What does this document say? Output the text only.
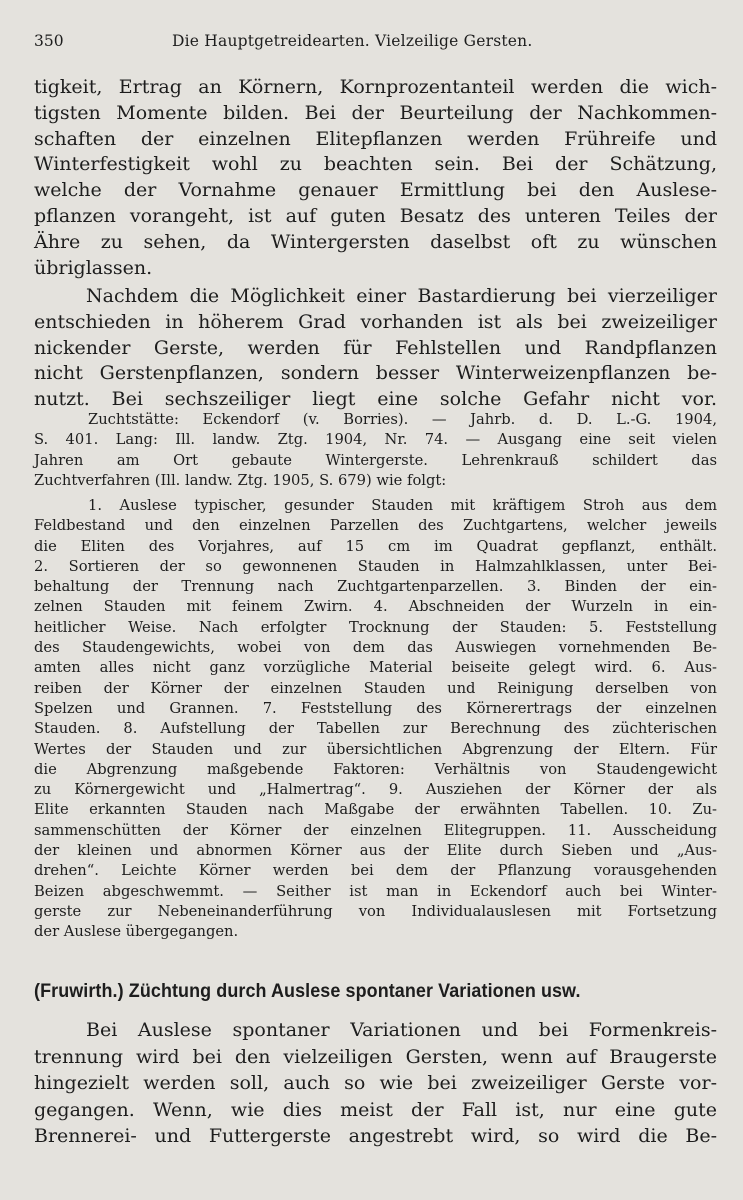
350	Die Hauptgetreidearten. Vielzeilige Gersten.
tigkeit, Ertrag an Körnern, Kornprozentanteil werden die wich-
tigsten Momente bilden. Bei der Beurteilung der Nachkommen-
schaften der einzelnen Elitepflanzen werden Frühreife und
Winterfestigkeit wohl zu beachten sein. Bei der Schätzung,
welche der Vornahme genauer Ermittlung bei den Auslese-
pflanzen vorangeht, ist auf guten Besatz des unteren Teiles der
Ähre zu sehen, da Wintergersten daselbst oft zu wünschen
übriglassen.
Nachdem die Möglichkeit einer Bastardierung bei vierzeiliger
entschieden in höherem Grad vorhanden ist als bei zweizeiliger
nickender Gerste, werden für Fehlstellen und Randpflanzen
nicht Gerstenpflanzen, sondern besser Winterweizenpflanzen be-
nutzt. Bei sechszeiliger liegt eine solche Gefahr nicht vor.
Zuchtstätte: Eckendorf (v. Borries). — Jahrb. d. D. L.-G. 1904,
S. 401. Lang: Ill. landw. Ztg. 1904, Nr. 74. — Ausgang eine seit vielen
Jahren am Ort gebaute Wintergerste. Lehrenkrauß schildert das
Zuchtverfahren (Ill. landw. Ztg. 1905, S. 679) wie folgt:
1. Auslese typischer, gesunder Stauden mit kräftigem Stroh aus dem
Feldbestand und den einzelnen Parzellen des Zuchtgartens, welcher jeweils
die Eliten des Vorjahres, auf 15 cm im Quadrat gepflanzt, enthält.
2. Sortieren der so gewonnenen Stauden in Halmzahlklassen, unter Bei-
behaltung der Trennung nach Zuchtgartenparzellen. 3. Binden der ein-
zelnen Stauden mit feinem Zwirn. 4. Abschneiden der Wurzeln in ein-
heitlicher Weise. Nach erfolgter Trocknung der Stauden: 5. Feststellung
des Staudengewichts, wobei von dem das Auswiegen vornehmenden Be-
amten alles nicht ganz vorzügliche Material beiseite gelegt wird. 6. Aus-
reiben der Körner der einzelnen Stauden und Reinigung derselben von
Spelzen und Grannen. 7. Feststellung des Körnerertrags der einzelnen
Stauden. 8. Aufstellung der Tabellen zur Berechnung des züchterischen
Wertes der Stauden und zur übersichtlichen Abgrenzung der Eltern. Für
die Abgrenzung maßgebende Faktoren: Verhältnis von Staudengewicht
zu Körnergewicht und „Halmertrag“. 9. Ausziehen der Körner der als
Elite erkannten Stauden nach Maßgabe der erwähnten Tabellen. 10. Zu-
sammenschütten der Körner der einzelnen Elitegruppen. 11. Ausscheidung
der kleinen und abnormen Körner aus der Elite durch Sieben und „Aus-
drehen“. Leichte Körner werden bei dem der Pflanzung vorausgehenden
Beizen abgeschwemmt. — Seither ist man in Eckendorf auch bei Winter-
gerste zur Nebeneinanderführung von Individualauslesen mit Fortsetzung
der Auslese übergegangen.
(Fruwirth.) Züchtung durch Auslese spontaner Variationen usw.
Bei Auslese spontaner Variationen und bei Formenkreis-
trennung wird bei den vielzeiligen Gersten, wenn auf Braugerste
hingezielt werden soll, auch so wie bei zweizeiliger Gerste vor-
gegangen. Wenn, wie dies meist der Fall ist, nur eine gute
Brennerei- und Futtergerste angestrebt wird, so wird die Be-
